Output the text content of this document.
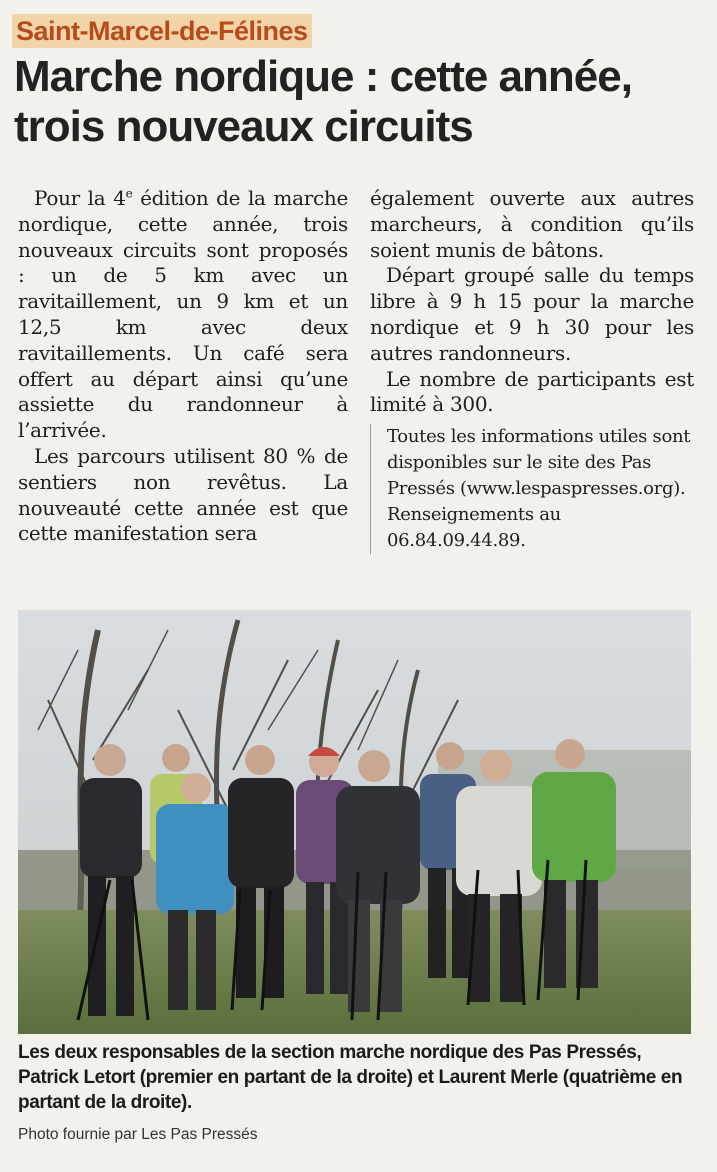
Saint-Marcel-de-Félines
Marche nordique : cette année, trois nouveaux circuits

Pour la 4e édition de la marche nordique, cette année, trois nouveaux circuits sont proposés : un de 5 km avec un ravitaillement, un 9 km et un 12,5 km avec deux ravitaillements. Un café sera offert au départ ainsi qu’une assiette du randonneur à l’arrivée.

Les parcours utilisent 80 % de sentiers non revêtus. La nouveauté cette année est que cette manifestation sera

également ouverte aux autres marcheurs, à condition qu’ils soient munis de bâtons.

Départ groupé salle du temps libre à 9 h 15 pour la marche nordique et 9 h 30 pour les autres randonneurs.

Le nombre de participants est limité à 300.

Toutes les informations utiles sont disponibles sur le site des Pas Pressés (www.lespaspresses.org). Renseignements au 06.84.09.44.89.
Les deux responsables de la section marche nordique des Pas Pressés, Patrick Letort (premier en partant de la droite) et Laurent Merle (quatrième en partant de la droite).
Photo fournie par Les Pas Pressés
